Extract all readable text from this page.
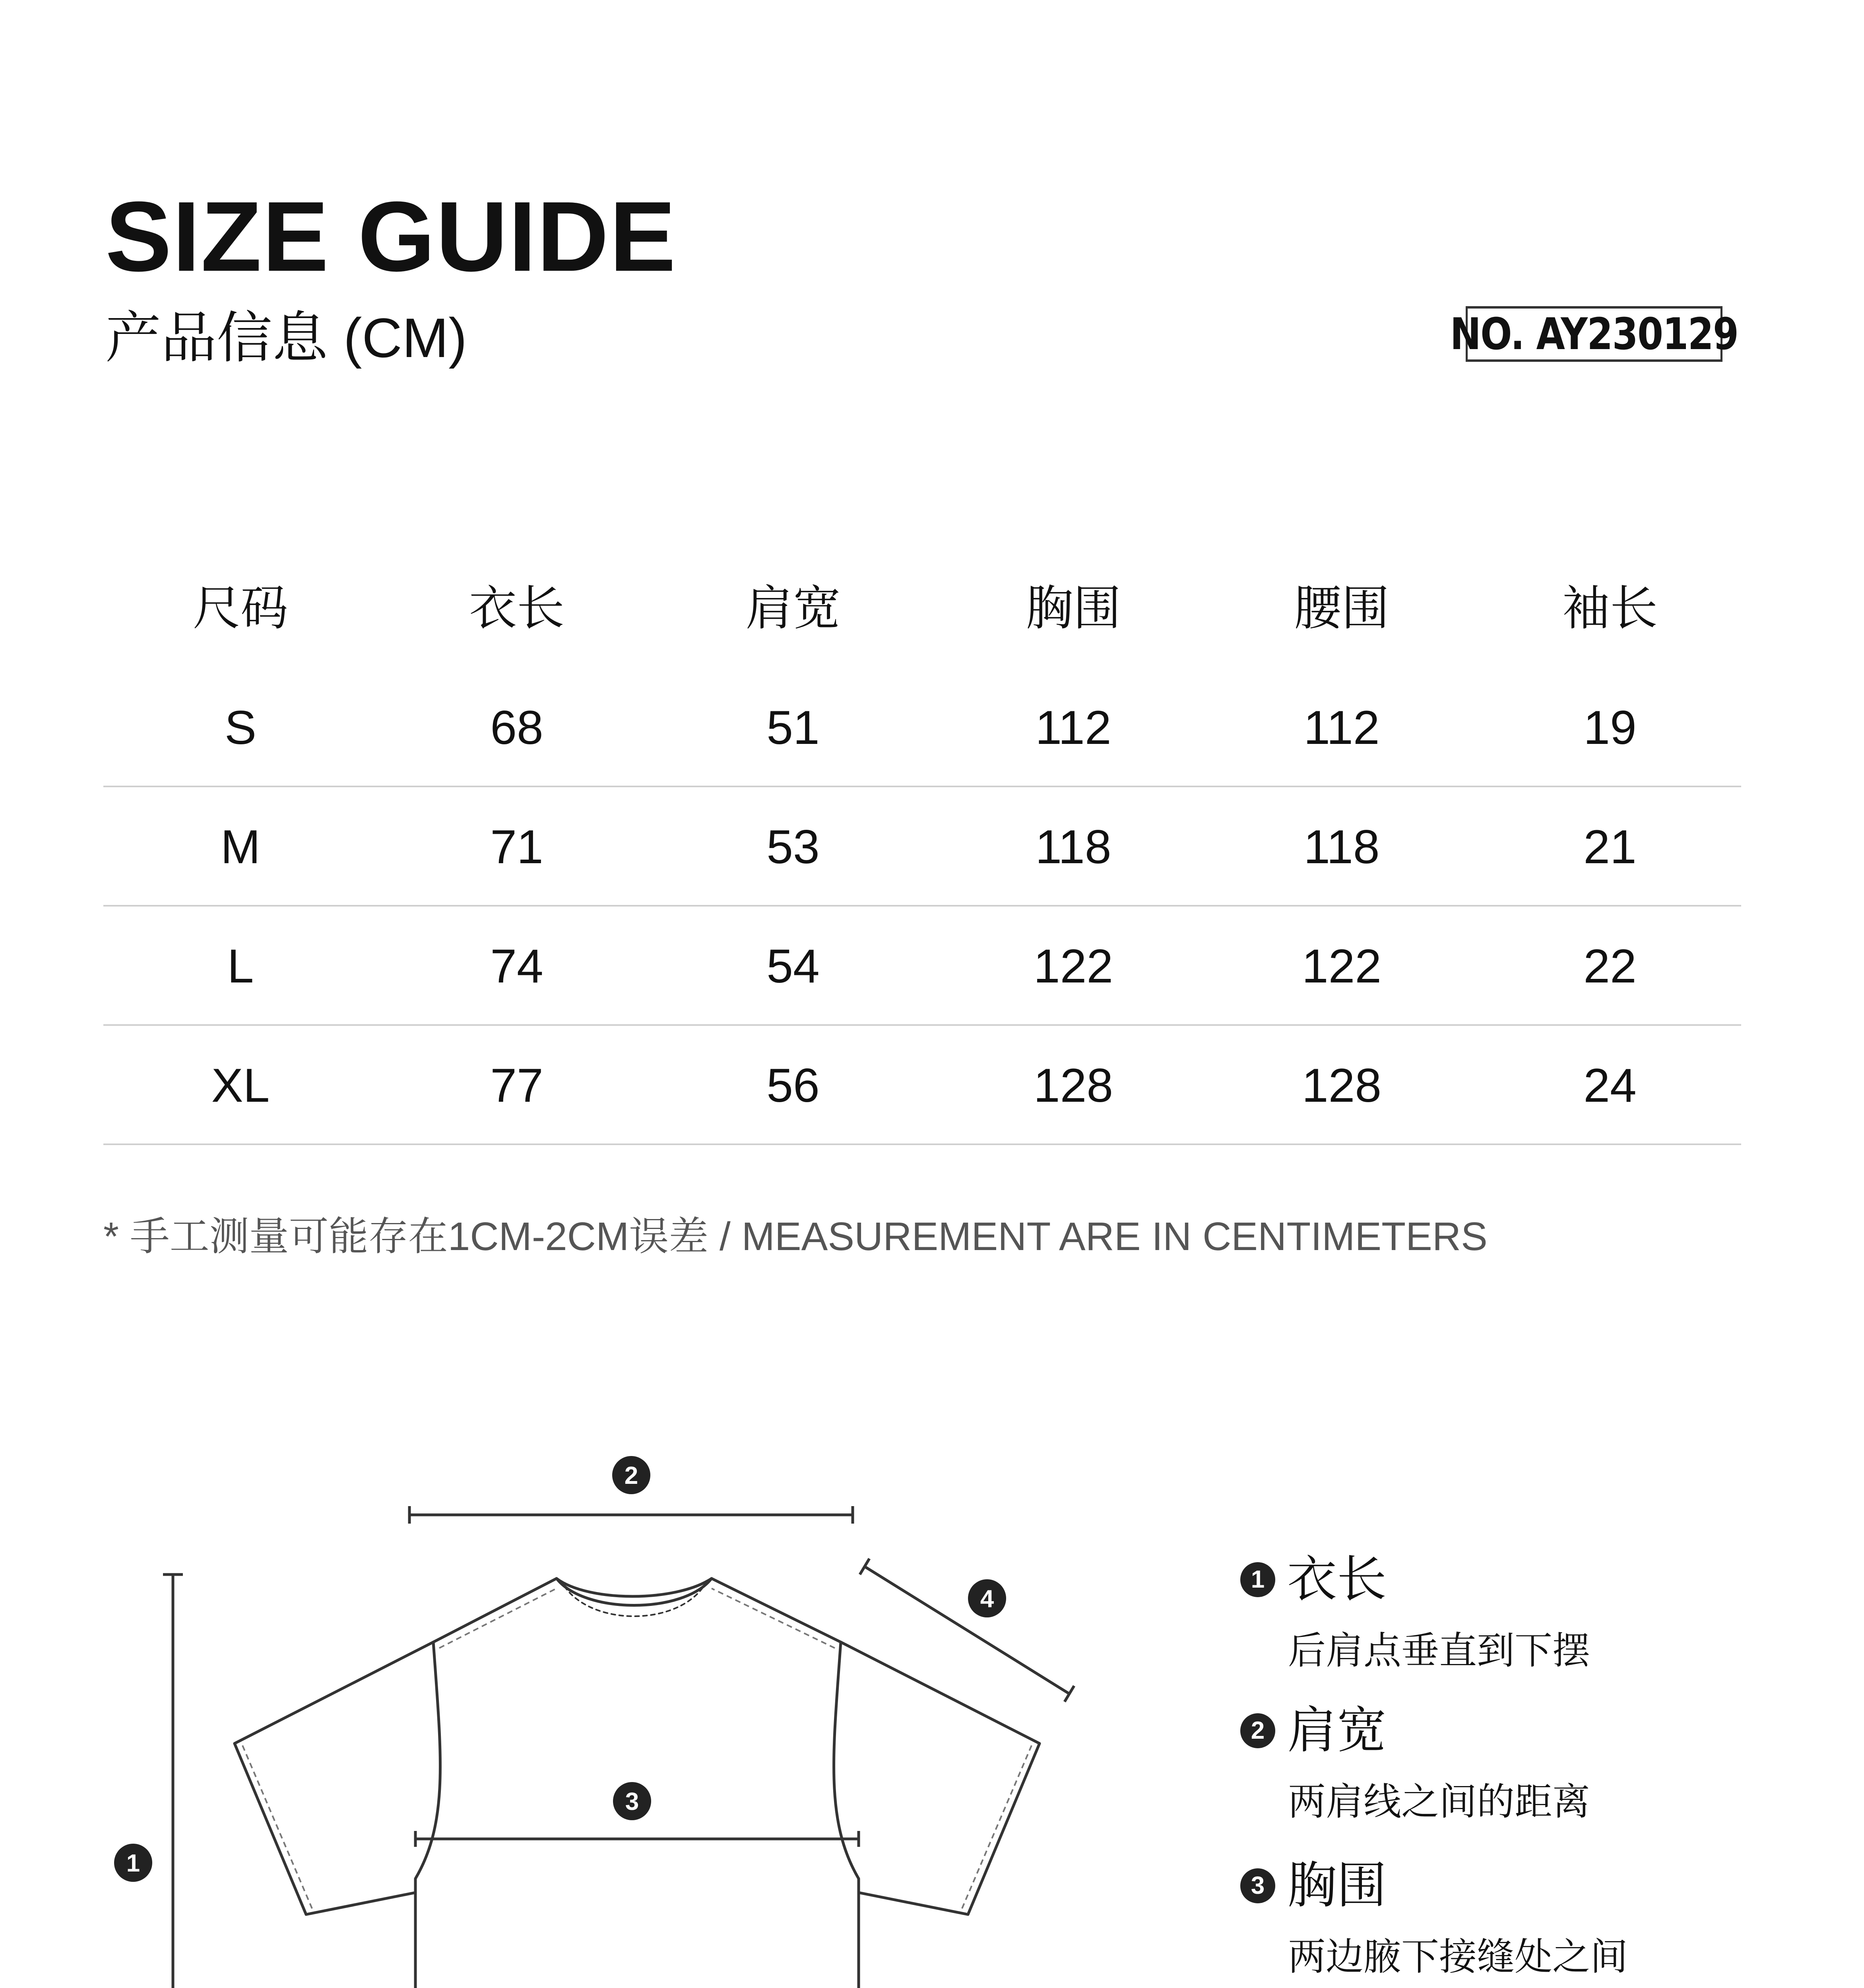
SIZE GUIDE
产品信息 (CM)	NO. AY230129
尺码	衣长	肩宽	胸围	腰围	袖长
S	68	51	112	112	19
M	71	53	118	118	21
L	74	54	122	122	22
XL	77	56	128	128	24
* 手工测量可能存在1CM-2CM误差 / MEASUREMENT ARE IN CENTIMETERS
1
2
3
4
1 衣长
后肩点垂直到下摆
2 肩宽
两肩线之间的距离
3 胸围
两边腋下接缝处之间
